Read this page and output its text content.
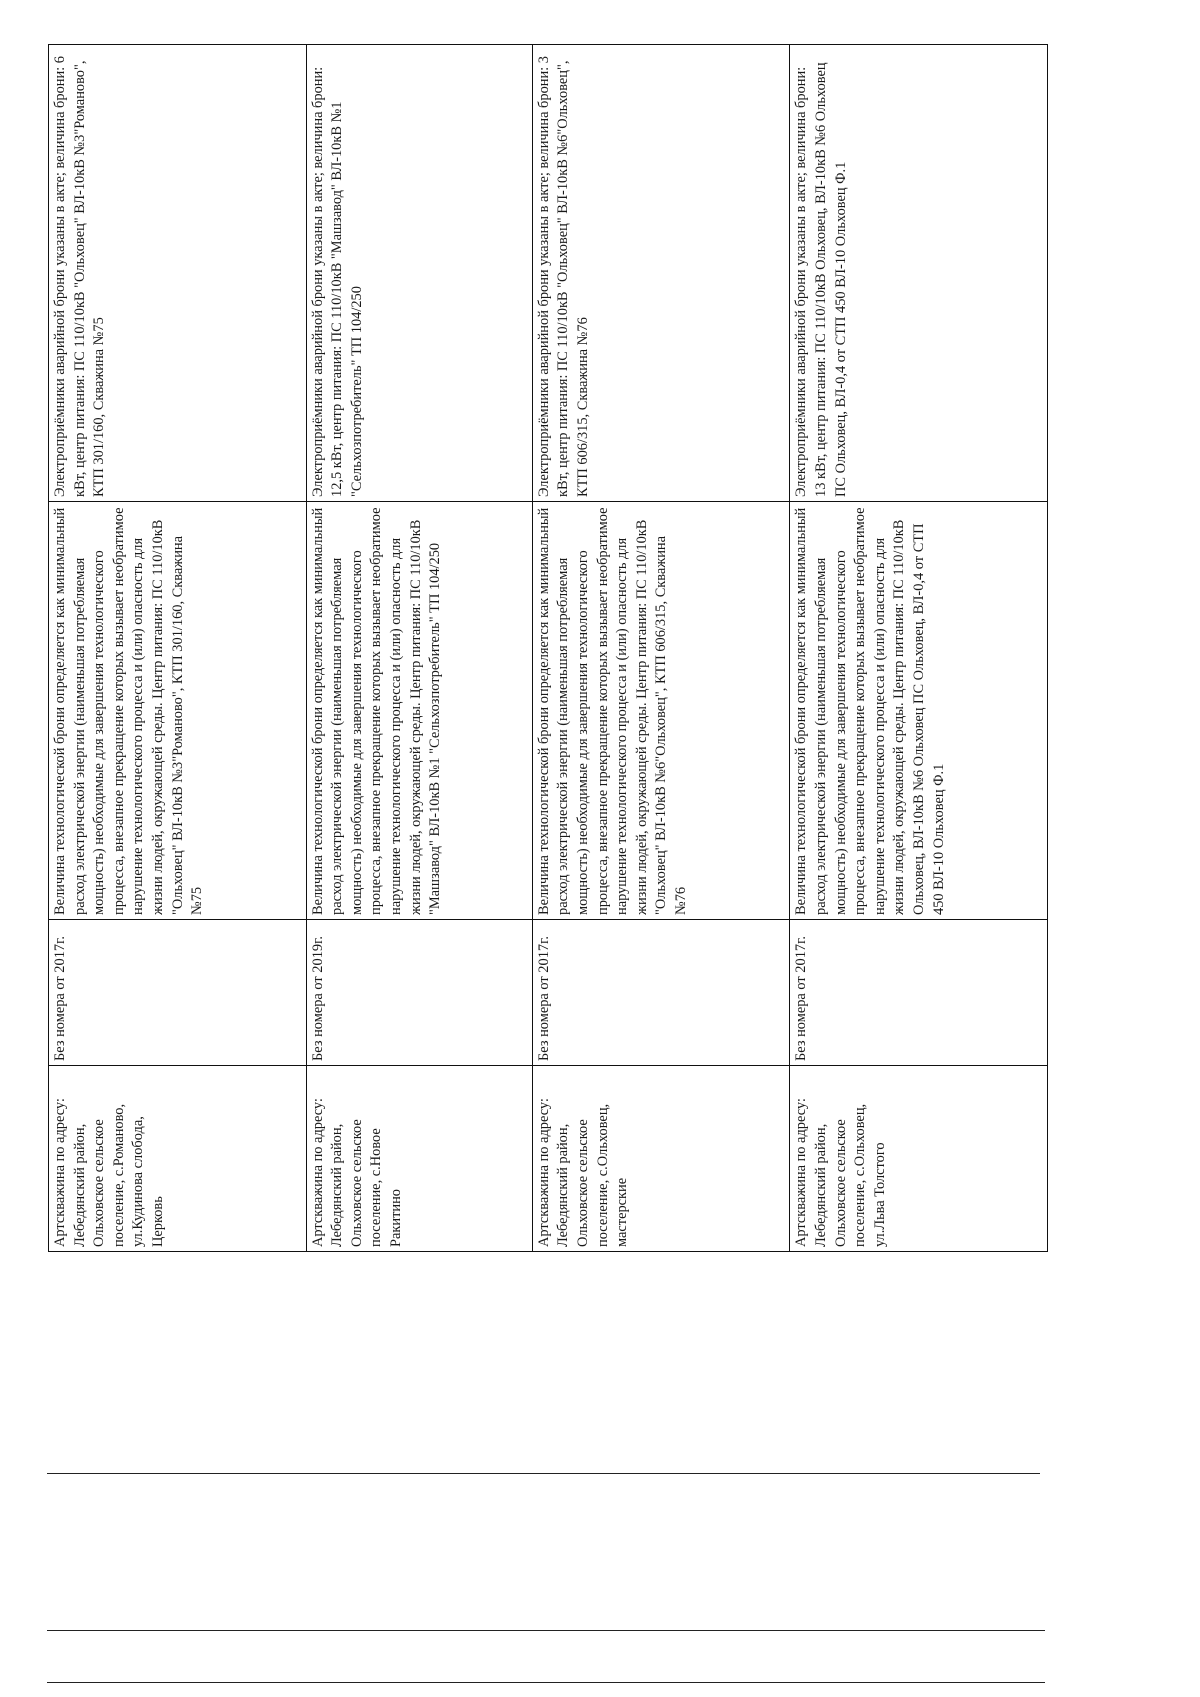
Артскважина по адресу: Лебедянский район, Ольховское сельское поселение, с.Романово, ул.Кудинова слобода, Церковь	Без номера от 2017г.	Величина технологической брони определяется как минимальный расход электрической энергии (наименьшая потребляемая мощность) необходимые для завершения технологического процесса, внезапное прекращение которых вызывает необратимое нарушение технологического процесса и (или) опасность для жизни людей, окружающей среды. Центр питания: ПС 110/10кВ "Ольховец" ВЛ-10кВ №3"Романово", КТП 301/160, Скважина №75	Электроприёмники аварийной брони указаны в акте; величина брони: 6 кВт, центр питания: ПС 110/10кВ "Ольховец" ВЛ-10кВ №3"Романово", КТП 301/160, Скважина №75
Артскважина по адресу: Лебедянский район, Ольховское сельское поселение, с.Новое Ракитино	Без номера от 2019г.	Величина технологической брони определяется как минимальный расход электрической энергии (наименьшая потребляемая мощность) необходимые для завершения технологического процесса, внезапное прекращение которых вызывает необратимое нарушение технологического процесса и (или) опасность для жизни людей, окружающей среды. Центр питания: ПС 110/10кВ "Машзавод" ВЛ-10кВ №1 "Сельхозпотребитель" ТП 104/250	Электроприёмники аварийной брони указаны в акте; величина брони: 12,5 кВт, центр питания: ПС 110/10кВ "Машзавод" ВЛ-10кВ №1 "Сельхозпотребитель" ТП 104/250
Артскважина по адресу: Лебедянский район, Ольховское сельское поселение, с.Ольховец, мастерские	Без номера от 2017г.	Величина технологической брони определяется как минимальный расход электрической энергии (наименьшая потребляемая мощность) необходимые для завершения технологического процесса, внезапное прекращение которых вызывает необратимое нарушение технологического процесса и (или) опасность для жизни людей, окружающей среды. Центр питания: ПС 110/10кВ "Ольховец" ВЛ-10кВ №6"Ольховец", КТП 606/315, Скважина №76	Электроприёмники аварийной брони указаны в акте; величина брони: 3 кВт, центр питания: ПС 110/10кВ "Ольховец" ВЛ-10кВ №6"Ольховец", КТП 606/315, Скважина №76
Артскважина по адресу: Лебедянский район, Ольховское сельское поселение, с.Ольховец, ул.Льва Толстого	Без номера от 2017г.	Величина технологической брони определяется как минимальный расход электрической энергии (наименьшая потребляемая мощность) необходимые для завершения технологического процесса, внезапное прекращение которых вызывает необратимое нарушение технологического процесса и (или) опасность для жизни людей, окружающей среды. Центр питания: ПС 110/10кВ Ольховец, ВЛ-10кВ №6 Ольховец ПС Ольховец, ВЛ-0,4 от СТП 450 ВЛ-10 Ольховец Ф.1	Электроприёмники аварийной брони указаны в акте; величина брони: 13 кВт, центр питания: ПС 110/10кВ Ольховец, ВЛ-10кВ №6 Ольховец ПС Ольховец, ВЛ-0,4 от СТП 450 ВЛ-10 Ольховец Ф.1
